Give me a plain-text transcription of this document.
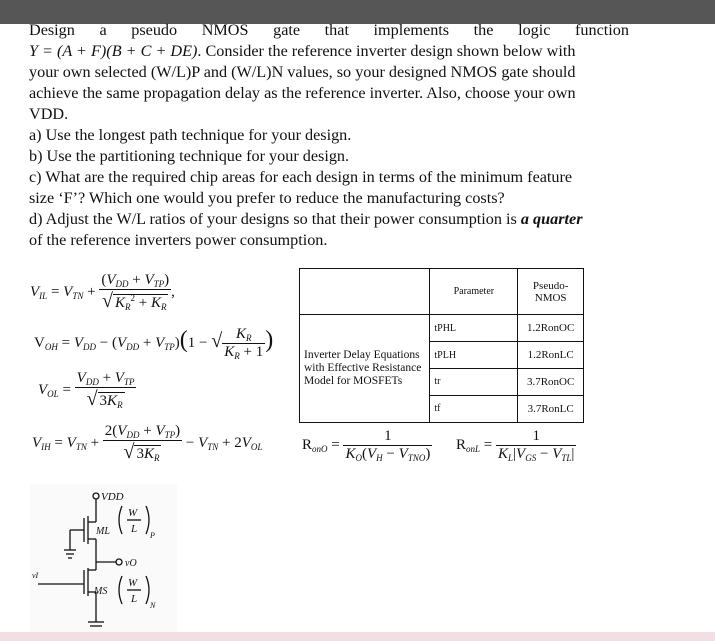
Design a pseudo NMOS gate that implements the logic function

Y = (A + F)(B + C + DE). Consider the reference inverter design shown below with

your own selected (W/L)P and (W/L)N values, so your designed NMOS gate should

achieve the same propagation delay as the reference inverter. Also, choose your own

VDD.

a) Use the longest path technique for your design.

b) Use the partitioning technique for your design.

c) What are the required chip areas for each design in terms of the minimum feature

size ‘F’? Which one would you prefer to reduce the manufacturing costs?

d) Adjust the W/L ratios of your designs so that their power consumption is a quarter

of the reference inverters power consumption.

$V_{IL} = V_{TN} + \frac{(V_{DD} + V_{TP})}{√ K_R^2 + K_R}$ ,
$V_{OH} = V_{DD} - (V_{DD} + V_{TP})(1$ − √ $\frac{K_R}{K_R + 1}$ )
$V_{OL} = \frac{V_{DD} + V_{TP}}{√ 3K_R}$
$V_{IH} = V_{TN} + \frac{2(V_{DD} + V_{TP})}{√ 3K_R} - V_{TN} + 2V_{OL}$	$R_{onO} = \frac{1}{K_O(V_H - V_{TNO})} R_{onL} = \frac{1}{K_L|V_{GS} - V_{TL}|}$
	Parameter	Pseudo-NMOS
Inverter Delay Equations with Effective Resistance Model for MOSFETs	tPHL	1.2RonOC
	tPLH	1.2RonLC
	tr	3.7RonOC
	tf	3.7RonLC
VDD
ML
MS
vO
vI
W
L
P
W
L
N
